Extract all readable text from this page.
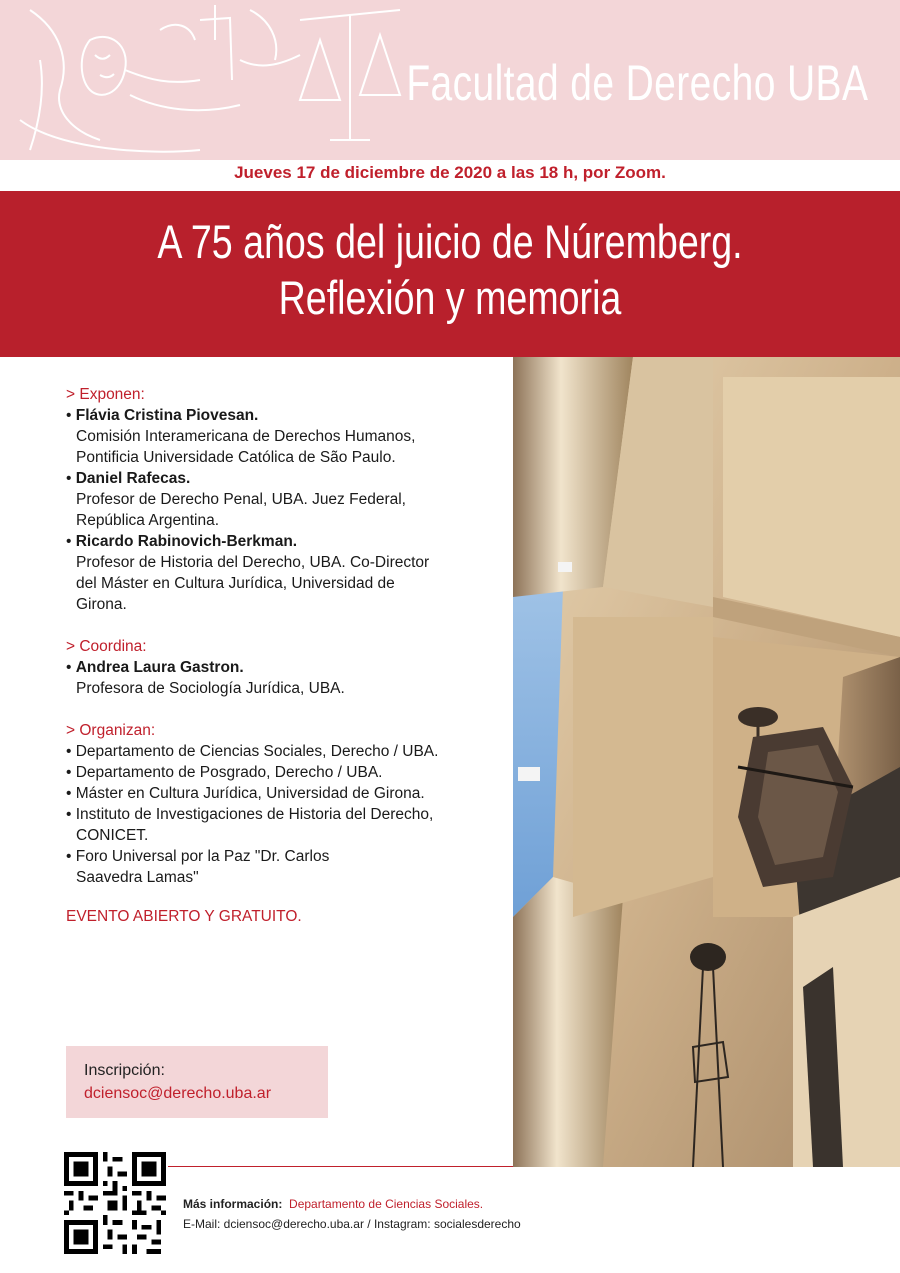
Facultad de Derecho UBA
Jueves 17 de diciembre de 2020 a las 18 h, por Zoom.
A 75 años del juicio de Núremberg.
Reflexión y memoria

> Exponen:

• Flávia Cristina Piovesan.
Comisión Interamericana de Derechos Humanos,
Pontificia Universidade Católica de São Paulo.
• Daniel Rafecas.
Profesor de Derecho Penal, UBA. Juez Federal,
República Argentina.
• Ricardo Rabinovich-Berkman.
Profesor de Historia del Derecho, UBA. Co-Director
del Máster en Cultura Jurídica, Universidad de
Girona.

> Coordina:

• Andrea Laura Gastron.
Profesora de Sociología Jurídica, UBA.

> Organizan:

• Departamento de Ciencias Sociales, Derecho / UBA.
• Departamento de Posgrado, Derecho / UBA.
• Máster en Cultura Jurídica, Universidad de Girona.
• Instituto de Investigaciones de Historia del Derecho,
CONICET.
• Foro Universal por la Paz "Dr. Carlos
Saavedra Lamas"

EVENTO ABIERTO Y GRATUITO.

Inscripción:
dciensoc@derecho.uba.ar
Más información: Departamento de Ciencias Sociales.
E-Mail: dciensoc@derecho.uba.ar / Instagram: socialesderecho
